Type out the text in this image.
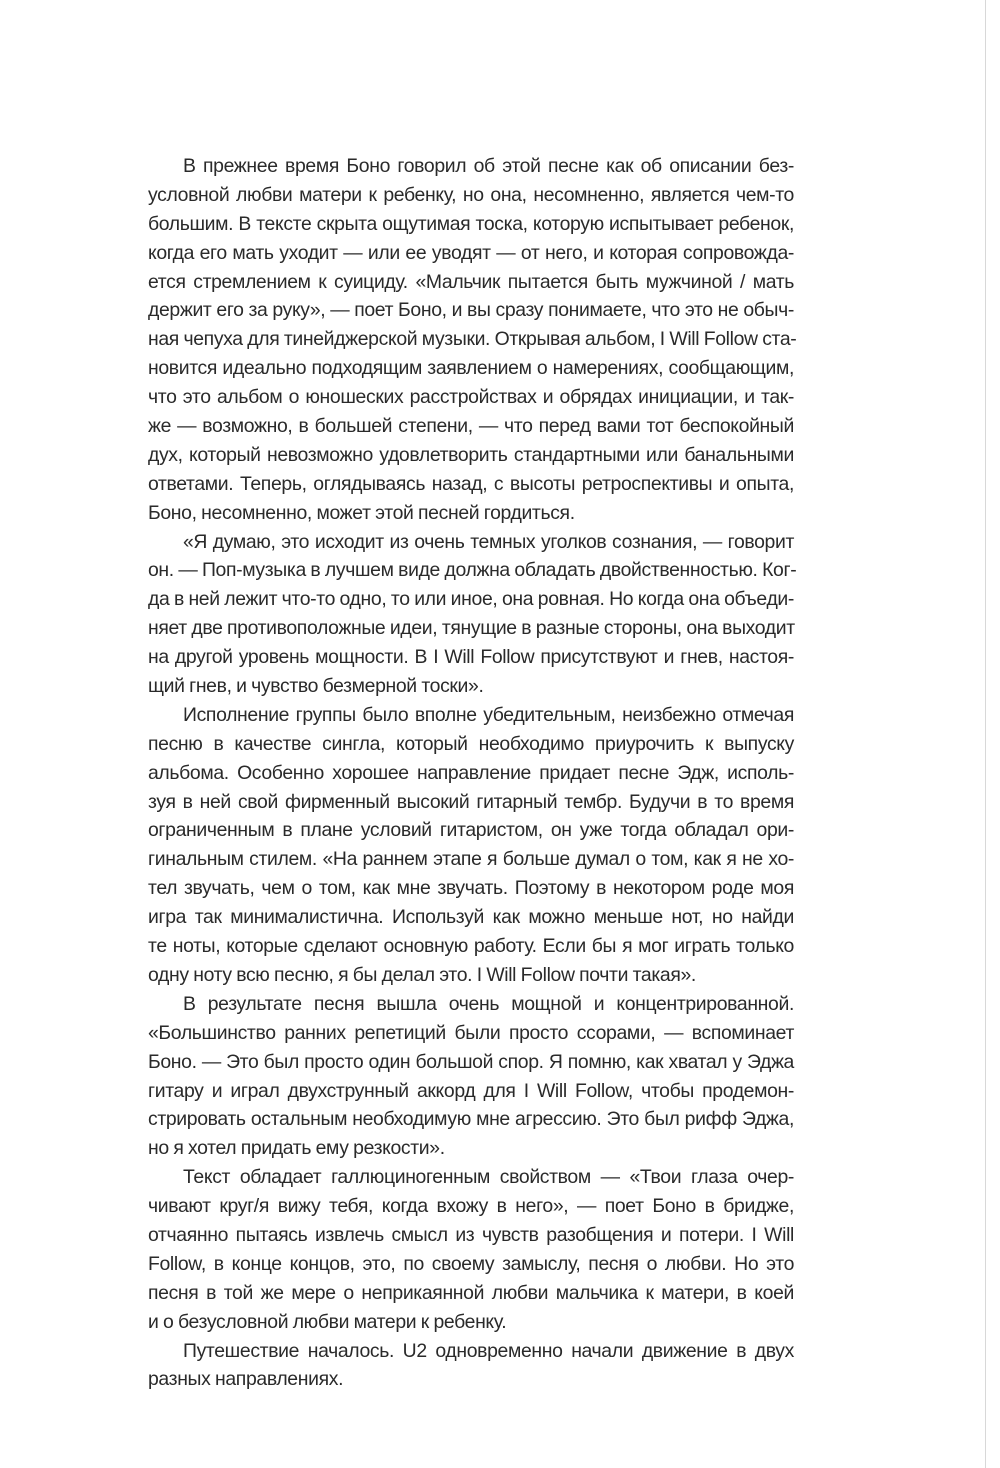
В прежнее время Боно говорил об этой песне как об описании без-
условной любви матери к ребенку, но она, несомненно, является чем-то
большим. В тексте скрыта ощутимая тоска, которую испытывает ребенок,
когда его мать уходит — или ее уводят — от него, и которая сопровожда-
ется стремлением к суициду. «Мальчик пытается быть мужчиной / мать
держит его за руку», — поет Боно, и вы сразу понимаете, что это не обыч-
ная чепуха для тинейджерской музыки. Открывая альбом, I Will Follow ста-
новится идеально подходящим заявлением о намерениях, сообщающим,
что это альбом о юношеских расстройствах и обрядах инициации, и так-
же — возможно, в большей степени, — что перед вами тот беспокойный
дух, который невозможно удовлетворить стандартными или банальными
ответами. Теперь, оглядываясь назад, с высоты ретроспективы и опыта,
Боно, несомненно, может этой песней гордиться.
«Я думаю, это исходит из очень темных уголков сознания, — говорит
он. — Поп-музыка в лучшем виде должна обладать двойственностью. Ког-
да в ней лежит что-то одно, то или иное, она ровная. Но когда она объеди-
няет две противоположные идеи, тянущие в разные стороны, она выходит
на другой уровень мощности. В I Will Follow присутствуют и гнев, настоя-
щий гнев, и чувство безмерной тоски».
Исполнение группы было вполне убедительным, неизбежно отмечая
песню в качестве сингла, который необходимо приурочить к выпуску
альбома. Особенно хорошее направление придает песне Эдж, исполь-
зуя в ней свой фирменный высокий гитарный тембр. Будучи в то время
ограниченным в плане условий гитаристом, он уже тогда обладал ори-
гинальным стилем. «На раннем этапе я больше думал о том, как я не хо-
тел звучать, чем о том, как мне звучать. Поэтому в некотором роде моя
игра так минималистична. Используй как можно меньше нот, но найди
те ноты, которые сделают основную работу. Если бы я мог играть только
одну ноту всю песню, я бы делал это. I Will Follow почти такая».
В результате песня вышла очень мощной и концентрированной.
«Большинство ранних репетиций были просто ссорами, — вспоминает
Боно. — Это был просто один большой спор. Я помню, как хватал у Эджа
гитару и играл двухструнный аккорд для I Will Follow, чтобы продемон-
стрировать остальным необходимую мне агрессию. Это был рифф Эджа,
но я хотел придать ему резкости».
Текст обладает галлюциногенным свойством — «Твои глаза очер-
чивают круг/я вижу тебя, когда вхожу в него», — поет Боно в бридже,
отчаянно пытаясь извлечь смысл из чувств разобщения и потери. I Will
Follow, в конце концов, это, по своему замыслу, песня о любви. Но это
песня в той же мере о неприкаянной любви мальчика к матери, в коей
и о безусловной любви матери к ребенку.
Путешествие началось. U2 одновременно начали движение в двух
разных направлениях.
